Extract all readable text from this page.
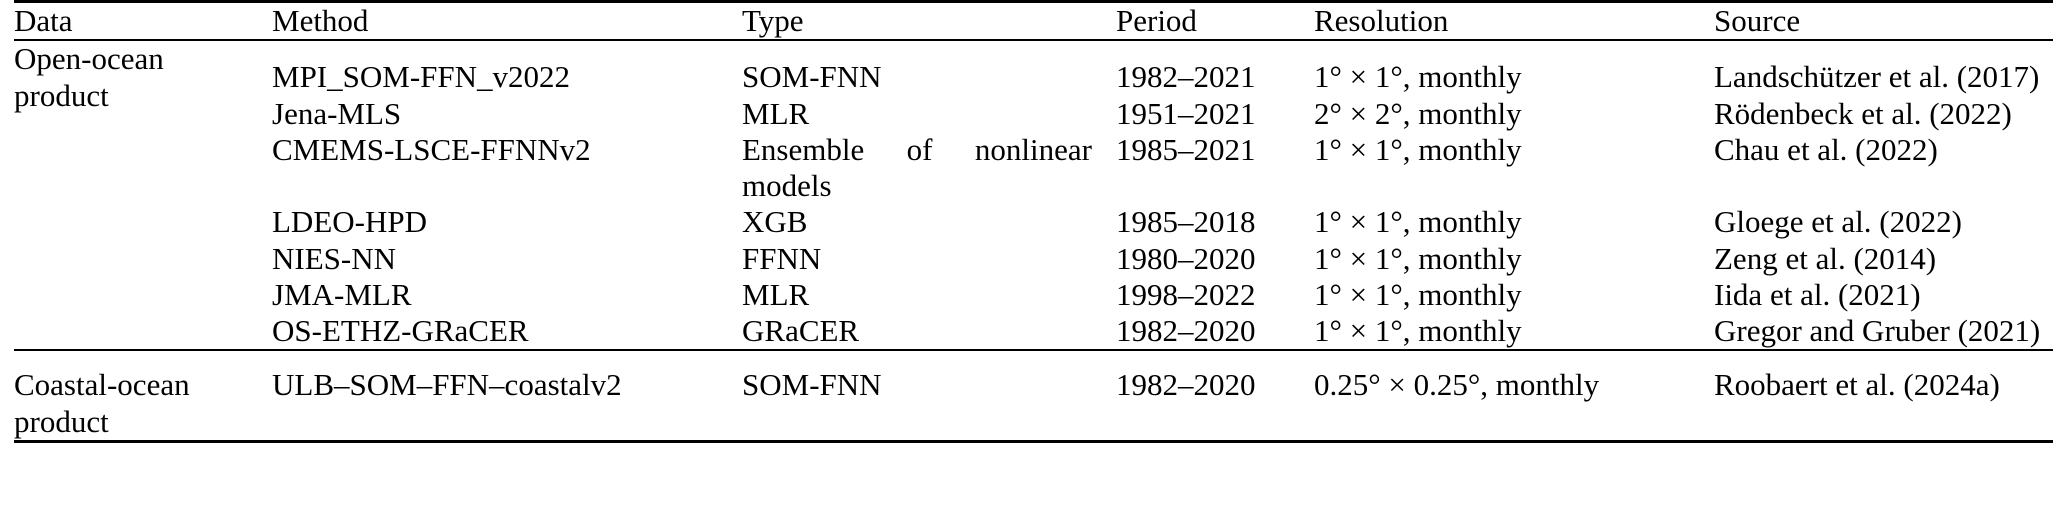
Data	Method	Type	Period	Resolution	Source

Open-ocean
product	MPI_SOM-FFN_v2022	SOM-FNN	1982–2021	1° × 1°, monthly	Landschützer et al. (2017)
	Jena-MLS	MLR	1951–2021	2° × 2°, monthly	Rödenbeck et al. (2022)
	CMEMS-LSCE-FFNNv2	Ensemble of nonlinear models	1985–2021	1° × 1°, monthly	Chau et al. (2022)
	LDEO-HPD	XGB	1985–2018	1° × 1°, monthly	Gloege et al. (2022)
	NIES-NN	FFNN	1980–2020	1° × 1°, monthly	Zeng et al. (2014)
	JMA-MLR	MLR	1998–2022	1° × 1°, monthly	Iida et al. (2021)
	OS-ETHZ-GRaCER	GRaCER	1982–2020	1° × 1°, monthly	Gregor and Gruber (2021)
Coastal-ocean product	ULB–SOM–FFN–coastalv2	SOM-FNN	1982–2020	0.25° × 0.25°, monthly	Roobaert et al. (2024a)
